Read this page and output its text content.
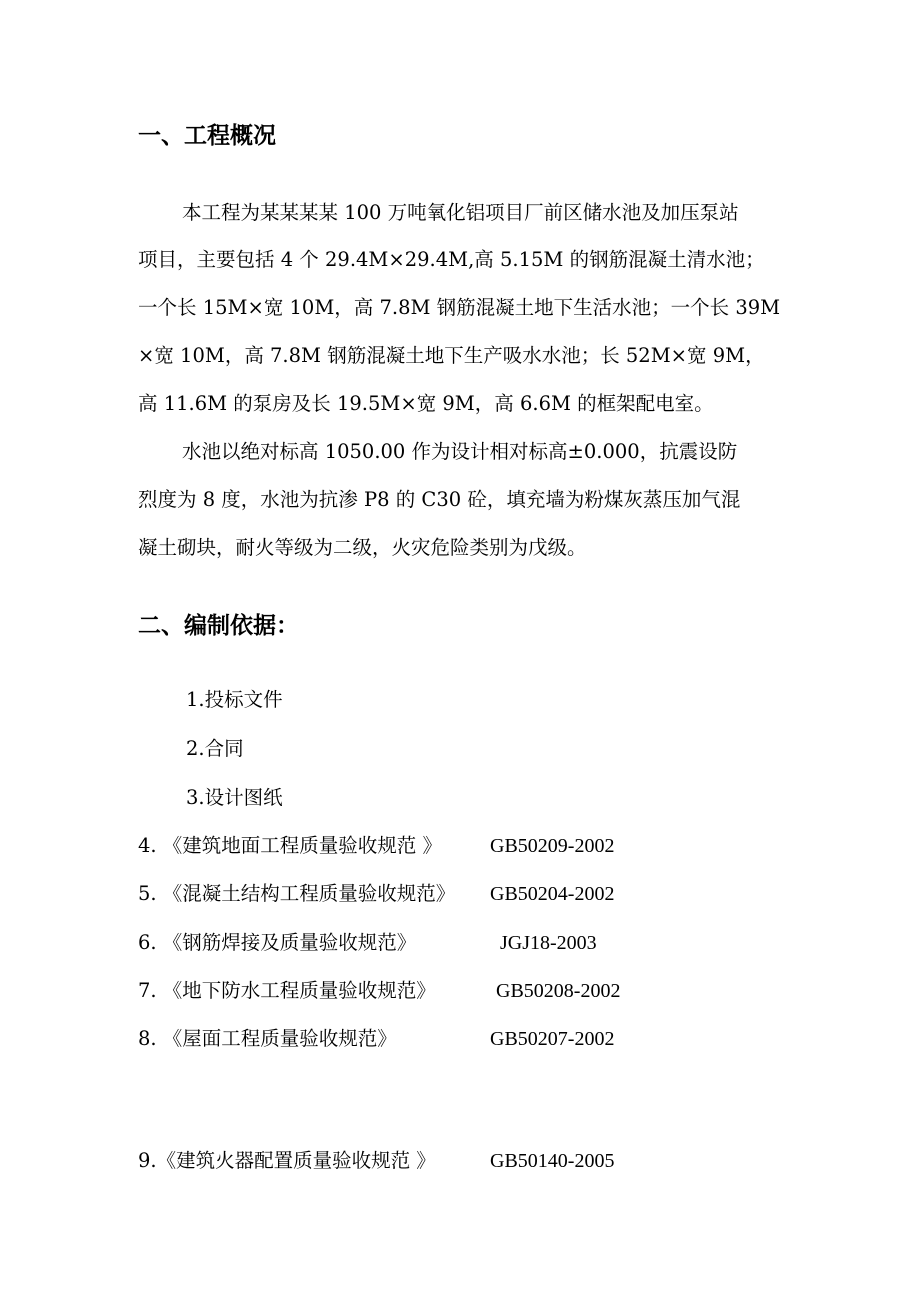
一、工程概况
本工程为某某某某 100 万吨氧化铝项目厂前区储水池及加压泵站
项目，主要包括 4 个 29.4M×29.4M,高 5.15M 的钢筋混凝土清水池；
一个长 15M×宽 10M，高 7.8M 钢筋混凝土地下生活水池；一个长 39M
×宽 10M，高 7.8M 钢筋混凝土地下生产吸水水池；长 52M×宽 9M，
高 11.6M 的泵房及长 19.5M×宽 9M，高 6.6M 的框架配电室。
水池以绝对标高 1050.00 作为设计相对标高±0.000，抗震设防
烈度为 8 度，水池为抗渗 P8 的 C30 砼，填充墙为粉煤灰蒸压加气混
凝土砌块，耐火等级为二级，火灾危险类别为戊级。
二、编制依据：
1.投标文件
2.合同
3.设计图纸
4. 《建筑地面工程质量验收规范 》 GB50209-2002
5. 《混凝土结构工程质量验收规范》 GB50204-2002
6. 《钢筋焊接及质量验收规范》	JGJ18-2003
7. 《地下防水工程质量验收规范》	GB50208-2002
8. 《屋面工程质量验收规范》	GB50207-2002
9.《建筑火器配置质量验收规范 》	GB50140-2005
